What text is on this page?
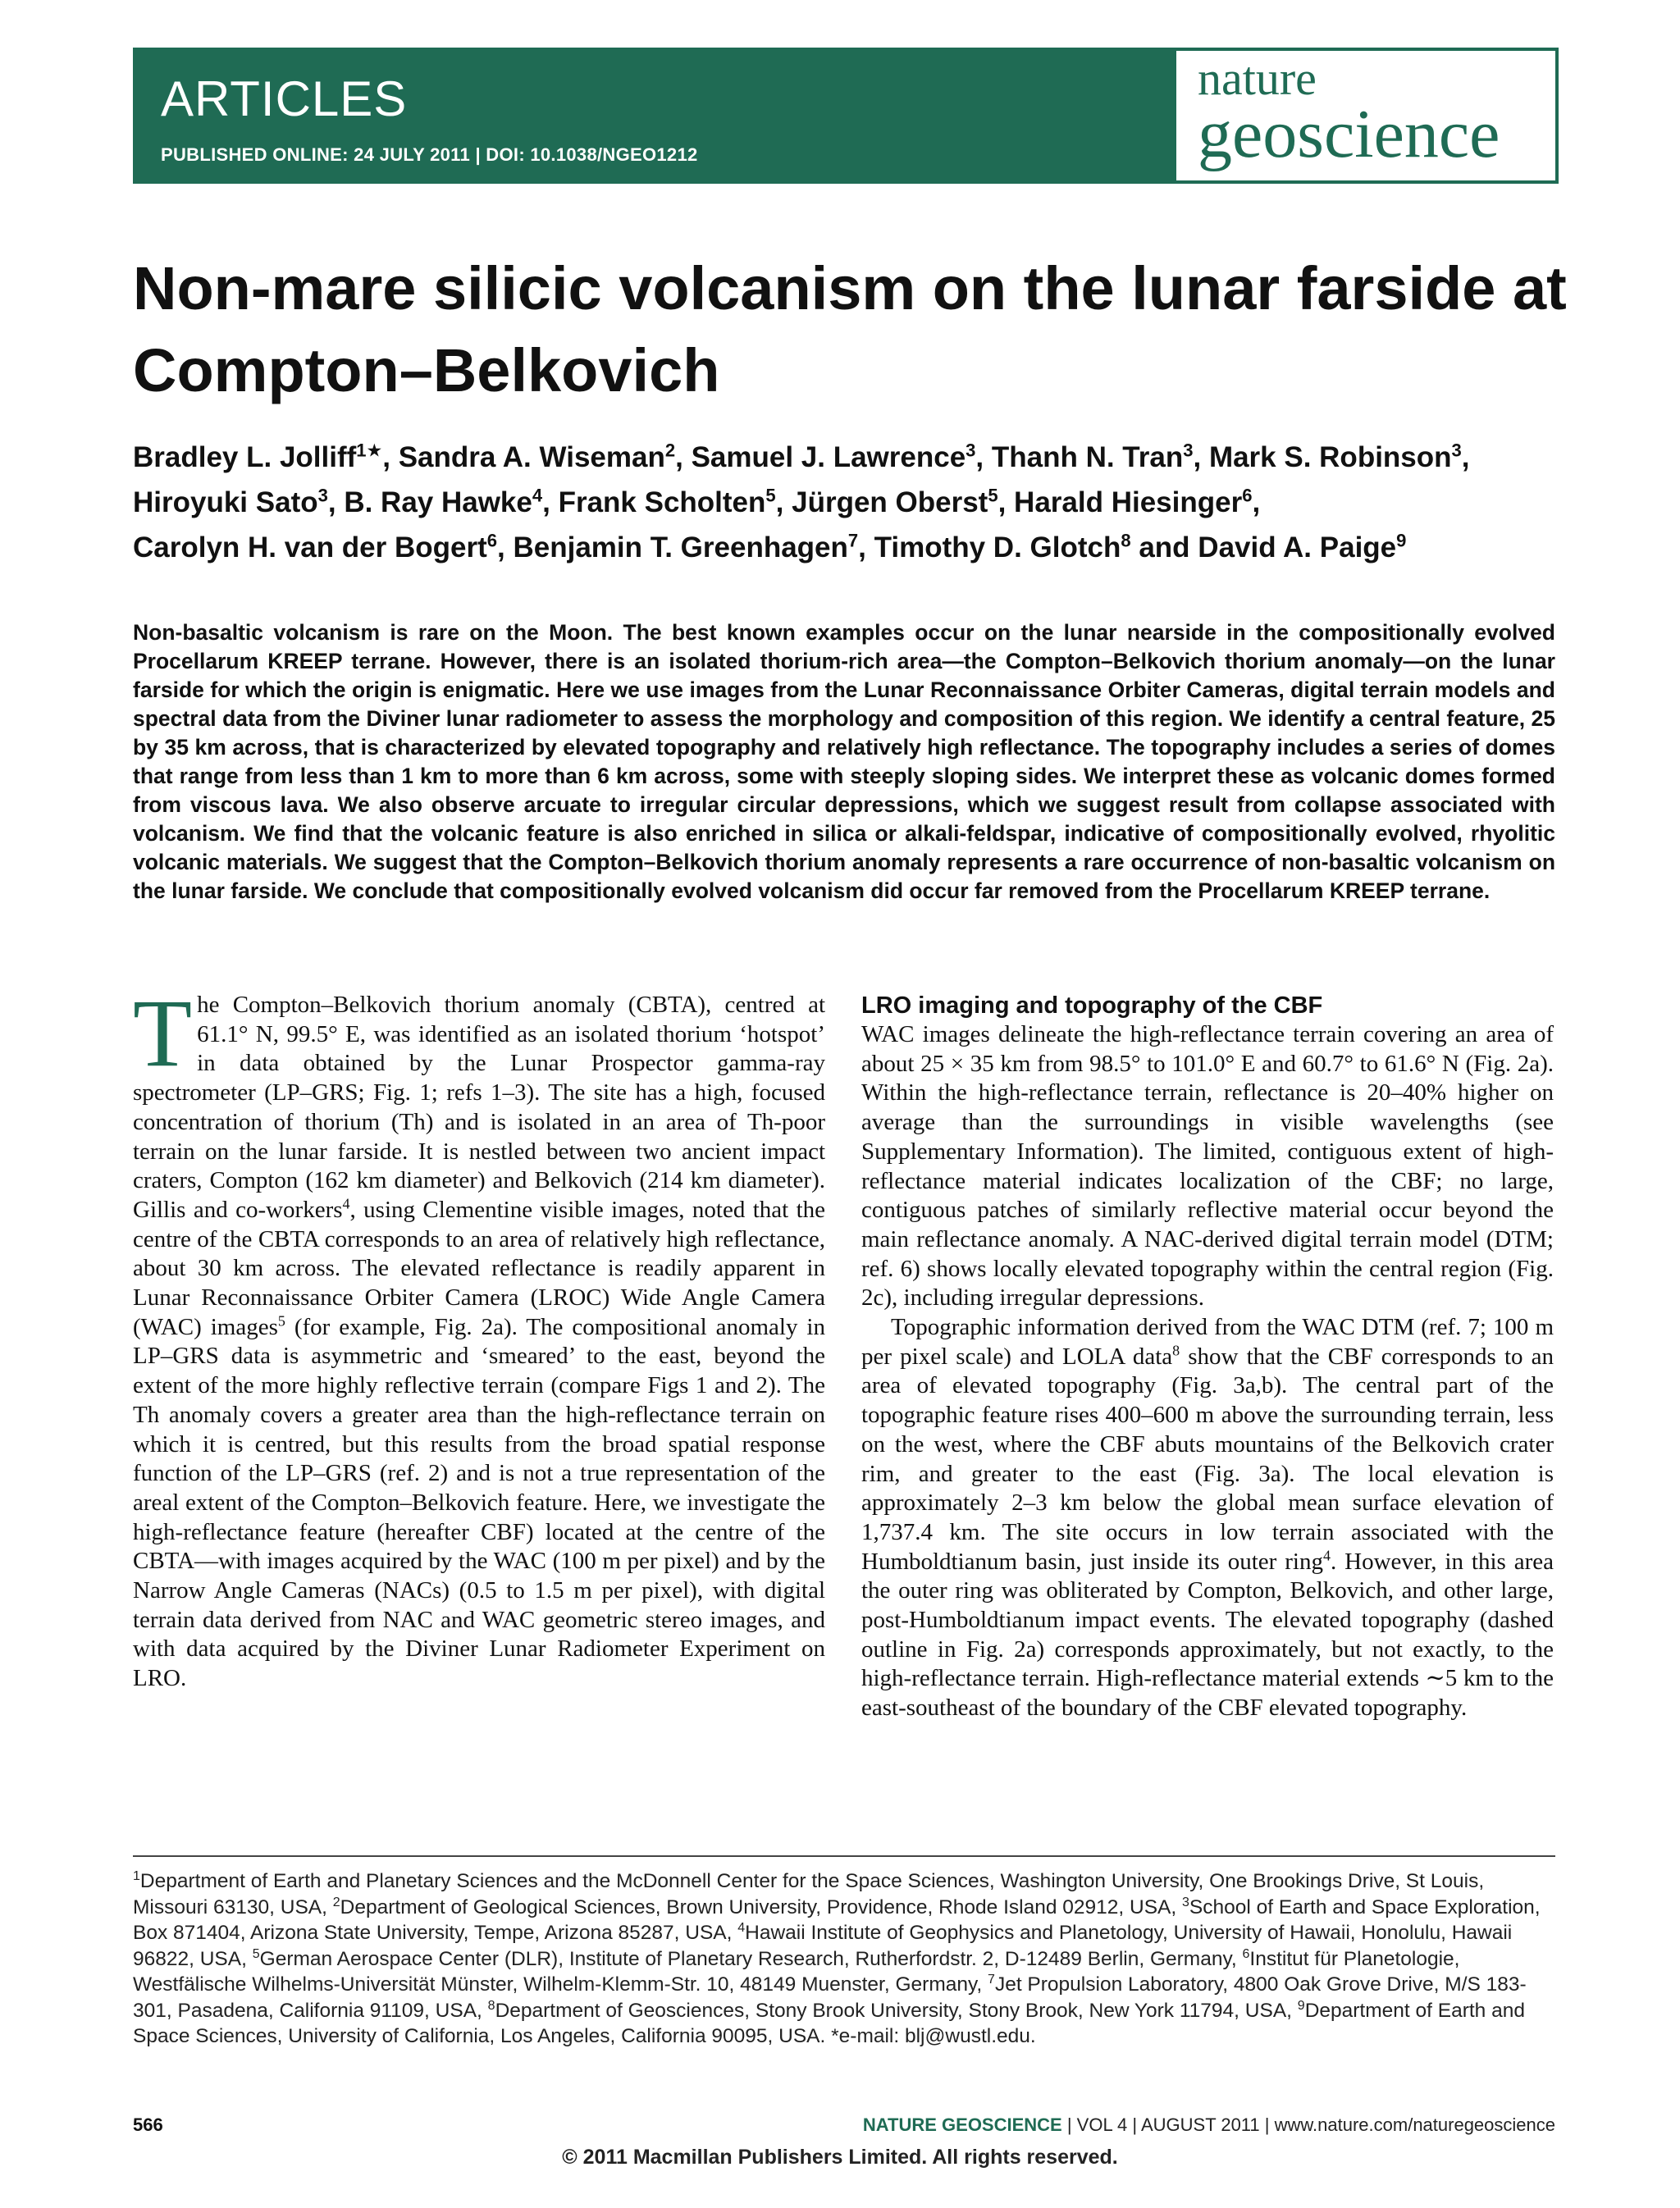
ARTICLES
PUBLISHED ONLINE: 24 JULY 2011 | DOI: 10.1038/NGEO1212
nature
geoscience
Non-mare silicic volcanism on the lunar farside at Compton–Belkovich
Bradley L. Jolliff$^{1★}$, Sandra A. Wiseman$^2$, Samuel J. Lawrence$^3$, Thanh N. Tran$^3$, Mark S. Robinson$^3$,
Hiroyuki Sato$^3$, B. Ray Hawke$^4$, Frank Scholten$^5$, Jürgen Oberst$^5$, Harald Hiesinger$^6$,
Carolyn H. van der Bogert$^6$, Benjamin T. Greenhagen$^7$, Timothy D. Glotch$^8$ and David A. Paige$^9$
Non-basaltic volcanism is rare on the Moon. The best known examples occur on the lunar nearside in the compositionally evolved Procellarum KREEP terrane. However, there is an isolated thorium-rich area—the Compton–Belkovich thorium anomaly—on the lunar farside for which the origin is enigmatic. Here we use images from the Lunar Reconnaissance Orbiter Cameras, digital terrain models and spectral data from the Diviner lunar radiometer to assess the morphology and composition of this region. We identify a central feature, 25 by 35 km across, that is characterized by elevated topography and relatively high reflectance. The topography includes a series of domes that range from less than 1 km to more than 6 km across, some with steeply sloping sides. We interpret these as volcanic domes formed from viscous lava. We also observe arcuate to irregular circular depressions, which we suggest result from collapse associated with volcanism. We find that the volcanic feature is also enriched in silica or alkali-feldspar, indicative of compositionally evolved, rhyolitic volcanic materials. We suggest that the Compton–Belkovich thorium anomaly represents a rare occurrence of non-basaltic volcanism on the lunar farside. We conclude that compositionally evolved volcanism did occur far removed from the Procellarum KREEP terrane.

The Compton–Belkovich thorium anomaly (CBTA), centred at 61.1° N, 99.5° E, was identified as an isolated thorium ‘hotspot’ in data obtained by the Lunar Prospector gamma-ray spectrometer (LP–GRS; Fig. 1; refs 1–3). The site has a high, focused concentration of thorium (Th) and is isolated in an area of Th-poor terrain on the lunar farside. It is nestled between two ancient impact craters, Compton (162 km diameter) and Belkovich (214 km diameter). Gillis and co-workers$^4$, using Clementine visible images, noted that the centre of the CBTA corresponds to an area of relatively high reflectance, about 30 km across. The elevated reflectance is readily apparent in Lunar Reconnaissance Orbiter Camera (LROC) Wide Angle Camera (WAC) images$^5$ (for example, Fig. 2a). The compositional anomaly in LP–GRS data is asymmetric and ‘smeared’ to the east, beyond the extent of the more highly reflective terrain (compare Figs 1 and 2). The Th anomaly covers a greater area than the high-reflectance terrain on which it is centred, but this results from the broad spatial response function of the LP–GRS (ref. 2) and is not a true representation of the areal extent of the Compton–Belkovich feature. Here, we investigate the high-reflectance feature (hereafter CBF) located at the centre of the CBTA—with images acquired by the WAC (100 m per pixel) and by the Narrow Angle Cameras (NACs) (0.5 to 1.5 m per pixel), with digital terrain data derived from NAC and WAC geometric stereo images, and with data acquired by the Diviner Lunar Radiometer Experiment on LRO.

LRO imaging and topography of the CBF

WAC images delineate the high-reflectance terrain covering an area of about 25 × 35 km from 98.5° to 101.0° E and 60.7° to 61.6° N (Fig. 2a). Within the high-reflectance terrain, reflectance is 20–40% higher on average than the surroundings in visible wavelengths (see Supplementary Information). The limited, contiguous extent of high-reflectance material indicates localization of the CBF; no large, contiguous patches of similarly reflective material occur beyond the main reflectance anomaly. A NAC-derived digital terrain model (DTM; ref. 6) shows locally elevated topography within the central region (Fig. 2c), including irregular depressions.

Topographic information derived from the WAC DTM (ref. 7; 100 m per pixel scale) and LOLA data$^8$ show that the CBF corresponds to an area of elevated topography (Fig. 3a,b). The central part of the topographic feature rises 400–600 m above the surrounding terrain, less on the west, where the CBF abuts mountains of the Belkovich crater rim, and greater to the east (Fig. 3a). The local elevation is approximately 2–3 km below the global mean surface elevation of 1,737.4 km. The site occurs in low terrain associated with the Humboldtianum basin, just inside its outer ring$^4$. However, in this area the outer ring was obliterated by Compton, Belkovich, and other large, post-Humboldtianum impact events. The elevated topography (dashed outline in Fig. 2a) corresponds approximately, but not exactly, to the high-reflectance terrain. High-reflectance material extends ∼5 km to the east-southeast of the boundary of the CBF elevated topography.

$^1$Department of Earth and Planetary Sciences and the McDonnell Center for the Space Sciences, Washington University, One Brookings Drive, St Louis, Missouri 63130, USA, $^2$Department of Geological Sciences, Brown University, Providence, Rhode Island 02912, USA, $^3$School of Earth and Space Exploration, Box 871404, Arizona State University, Tempe, Arizona 85287, USA, $^4$Hawaii Institute of Geophysics and Planetology, University of Hawaii, Honolulu, Hawaii 96822, USA, $^5$German Aerospace Center (DLR), Institute of Planetary Research, Rutherfordstr. 2, D-12489 Berlin, Germany, $^6$Institut für Planetologie, Westfälische Wilhelms-Universität Münster, Wilhelm-Klemm-Str. 10, 48149 Muenster, Germany, $^7$Jet Propulsion Laboratory, 4800 Oak Grove Drive, M/S 183-301, Pasadena, California 91109, USA, $^8$Department of Geosciences, Stony Brook University, Stony Brook, New York 11794, USA, $^9$Department of Earth and Space Sciences, University of California, Los Angeles, California 90095, USA. *e-mail: blj@wustl.edu.
566	NATURE GEOSCIENCE | VOL 4 | AUGUST 2011 | www.nature.com/naturegeoscience
© 2011 Macmillan Publishers Limited. All rights reserved.
